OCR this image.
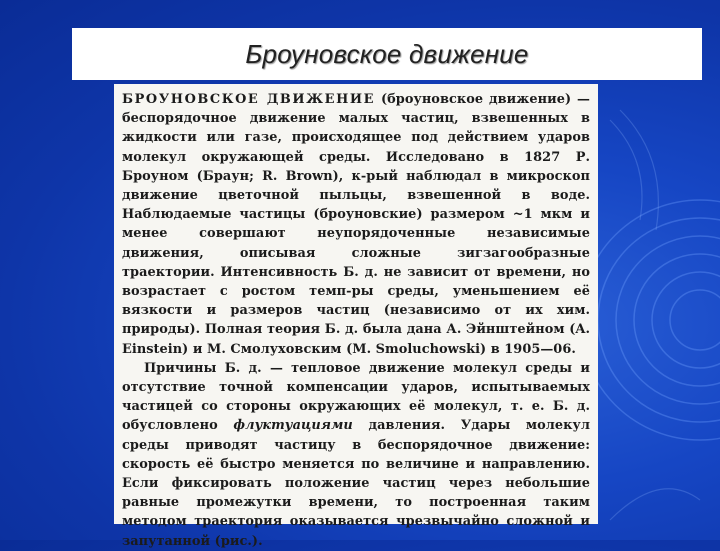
Броуновское движение

БРОУНОВСКОЕ ДВИЖЕНИЕ (броуновское движение) — беспорядочное движение малых частиц, взвешенных в жидкости или газе, происходящее под действием ударов молекул окружающей среды. Исследовано в 1827 Р. Броуном (Браун; R. Brown), к-рый наблюдал в микроскоп движение цветочной пыльцы, взвешенной в воде. Наблюдаемые частицы (броуновские) размером ~1 мкм и менее совершают неупорядоченные независимые движения, описывая сложные зигзагообразные траектории. Интенсивность Б. д. не зависит от времени, но возрастает с ростом темп-ры среды, уменьшением её вязкости и размеров частиц (независимо от их хим. природы). Полная теория Б. д. была дана А. Эйнштейном (A. Einstein) и М. Смолуховским (M. Smoluchowski) в 1905—06.

Причины Б. д. — тепловое движение молекул среды и отсутствие точной компенсации ударов, испытываемых частицей со стороны окружающих её молекул, т. е. Б. д. обусловлено флуктуациями давления. Удары молекул среды приводят частицу в беспорядочное движение: скорость её быстро меняется по величине и направлению. Если фиксировать положение частиц через небольшие равные промежутки времени, то построенная таким методом траектория оказывается чрезвычайно сложной и запутанной (рис.).
